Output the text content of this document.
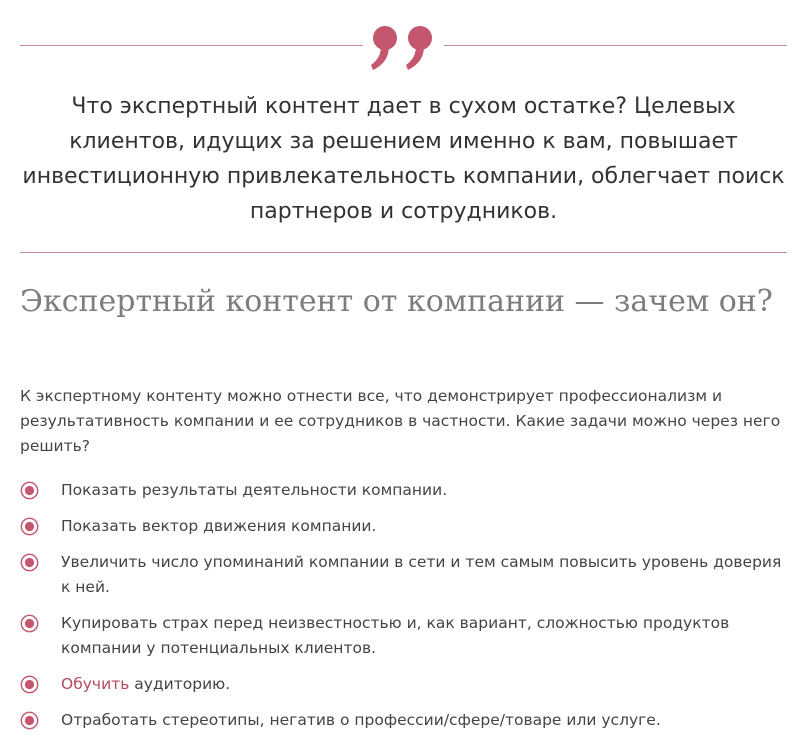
Что экспертный контент дает в сухом остатке? Целевых клиентов, идущих за решением именно к вам, повышает инвестиционную привлекательность компании, облегчает поиск партнеров и сотрудников.

Экспертный контент от компании — зачем он?

К экспертному контенту можно отнести все, что демонстрирует профессионализм и результативность компании и ее сотрудников в частности. Какие задачи можно через него решить?

Показать результаты деятельности компании.
Показать вектор движения компании.
Увеличить число упоминаний компании в сети и тем самым повысить уровень доверия к ней.
Купировать страх перед неизвестностью и, как вариант, сложностью продуктов компании у потенциальных клиентов.
Обучить аудиторию.
Отработать стереотипы, негатив о профессии/сфере/товаре или услуге.
